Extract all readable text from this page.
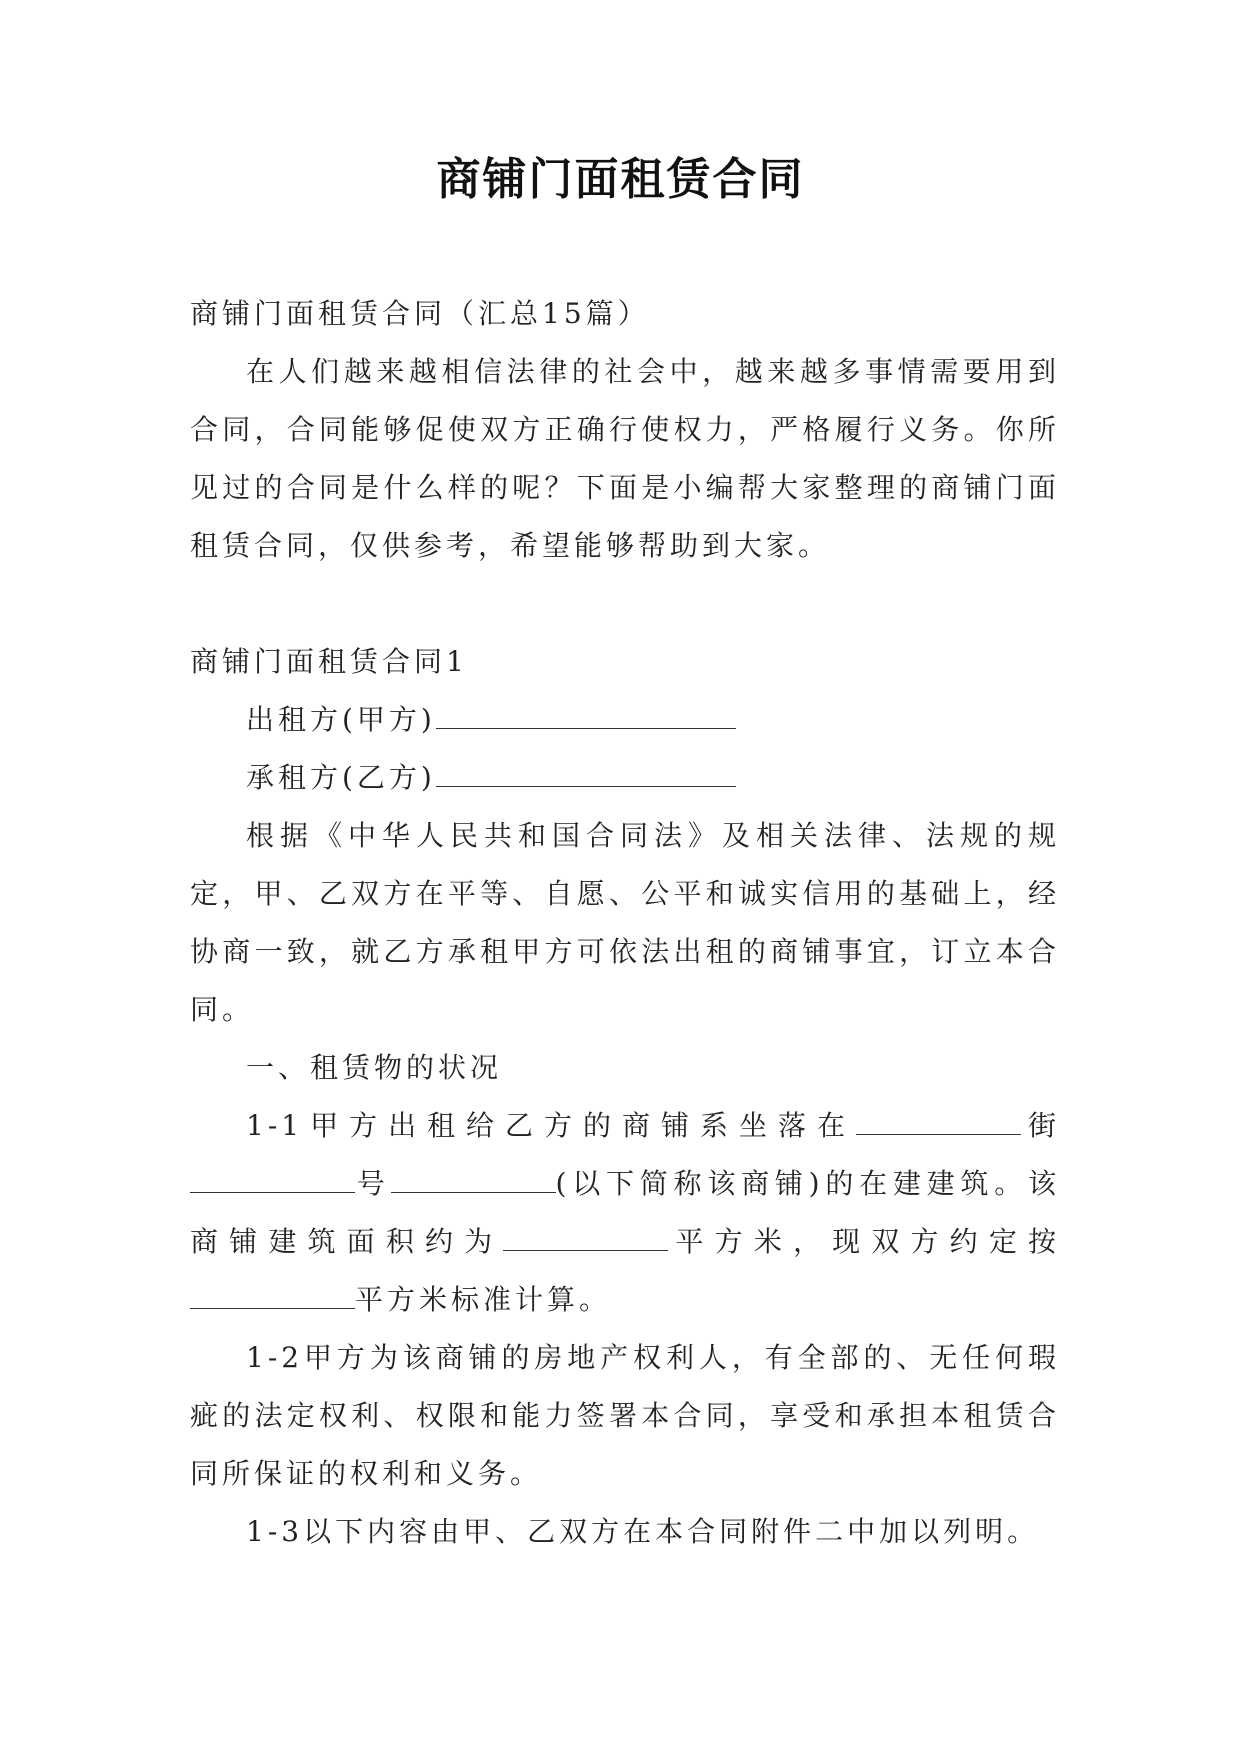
商铺门面租赁合同

商铺门面租赁合同（汇总15篇）

在人们越来越相信法律的社会中，越来越多事情需要用到合同，合同能够促使双方正确行使权力，严格履行义务。你所见过的合同是什么样的呢？下面是小编帮大家整理的商铺门面租赁合同，仅供参考，希望能够帮助到大家。

商铺门面租赁合同1

出租方(甲方)

承租方(乙方)

根据《中华人民共和国合同法》及相关法律、法规的规定，甲、乙双方在平等、自愿、公平和诚实信用的基础上，经协商一致，就乙方承租甲方可依法出租的商铺事宜，订立本合同。

一、租赁物的状况

1-1甲方出租给乙方的商铺系坐落在	街号	(以下简称该商铺)的在建建筑。该商铺建筑面积约为	平方米，现双方约定按平方米标准计算。

1-2甲方为该商铺的房地产权利人，有全部的、无任何瑕疵的法定权利、权限和能力签署本合同，享受和承担本租赁合同所保证的权利和义务。

1-3以下内容由甲、乙双方在本合同附件二中加以列明。
